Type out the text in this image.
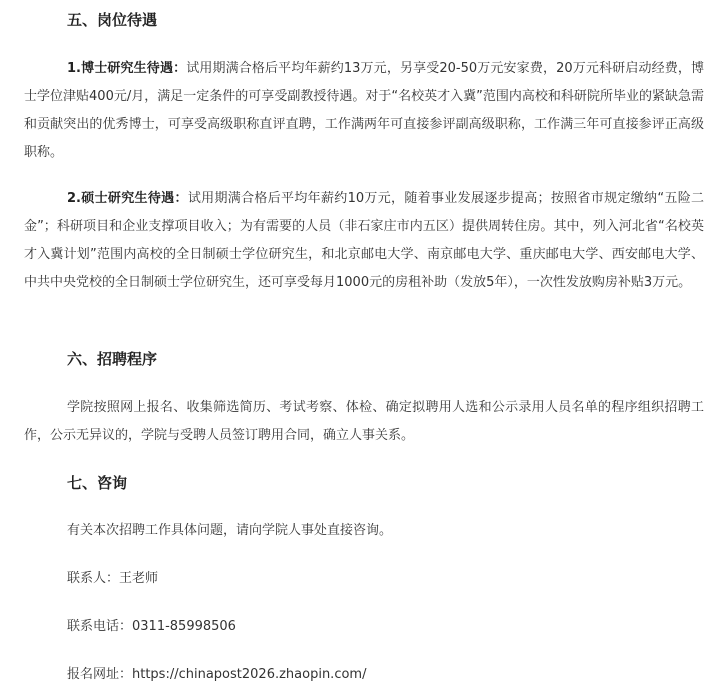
五、岗位待遇

1.博士研究生待遇：试用期满合格后平均年薪约13万元，另享受20-50万元安家费，20万元科研启动经费，博士学位津贴400元/月，满足一定条件的可享受副教授待遇。对于“名校英才入冀”范围内高校和科研院所毕业的紧缺急需和贡献突出的优秀博士，可享受高级职称直评直聘，工作满两年可直接参评副高级职称，工作满三年可直接参评正高级职称。

2.硕士研究生待遇：试用期满合格后平均年薪约10万元，随着事业发展逐步提高；按照省市规定缴纳“五险二金”；科研项目和企业支撑项目收入；为有需要的人员（非石家庄市内五区）提供周转住房。其中，列入河北省“名校英才入冀计划”范围内高校的全日制硕士学位研究生，和北京邮电大学、南京邮电大学、重庆邮电大学、西安邮电大学、中共中央党校的全日制硕士学位研究生，还可享受每月1000元的房租补助（发放5年），一次性发放购房补贴3万元。

六、招聘程序

学院按照网上报名、收集筛选简历、考试考察、体检、确定拟聘用人选和公示录用人员名单的程序组织招聘工作，公示无异议的，学院与受聘人员签订聘用合同，确立人事关系。

七、咨询
有关本次招聘工作具体问题，请向学院人事处直接咨询。
联系人：王老师
联系电话：0311-85998506
报名网址：https://chinapost2026.zhaopin.com/
